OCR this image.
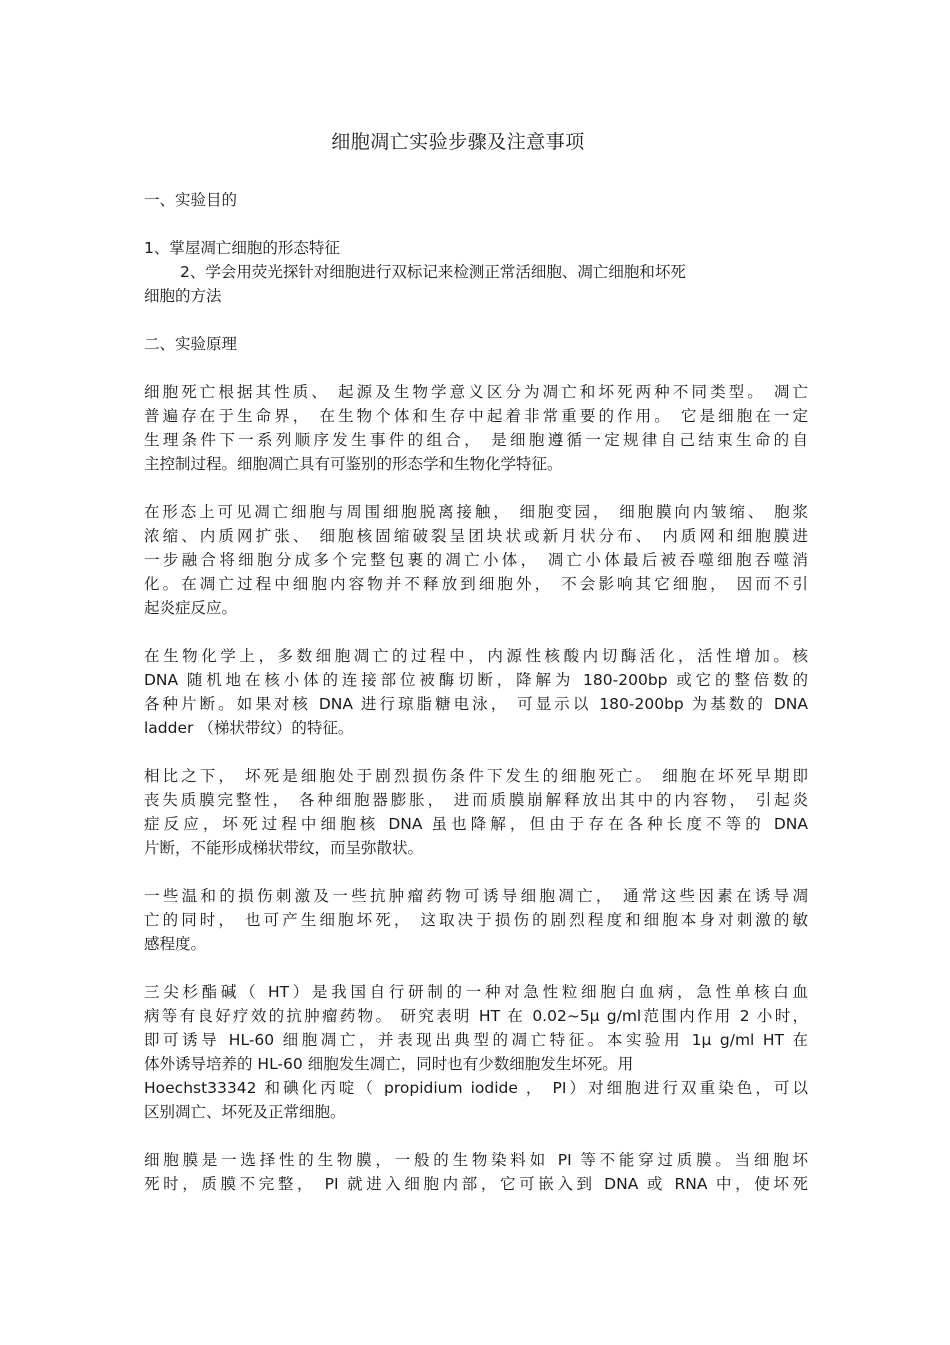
细胞凋亡实验步骤及注意事项
一、实验目的
1、掌屋凋亡细胞的形态特征
2、学会用荧光探针对细胞进行双标记来检测正常活细胞、凋亡细胞和坏死
细胞的方法
二、实验原理
细胞死亡根据其性质、 起源及生物学意义区分为凋亡和坏死两种不同类型。 凋亡
普遍存在于生命界， 在生物个体和生存中起着非常重要的作用。 它是细胞在一定
生理条件下一系列顺序发生事件的组合， 是细胞遵循一定规律自己结束生命的自
主控制过程。细胞凋亡具有可鉴别的形态学和生物化学特征。
在形态上可见凋亡细胞与周围细胞脱离接触， 细胞变园， 细胞膜向内皱缩、 胞浆
浓缩、内质网扩张、 细胞核固缩破裂呈团块状或新月状分布、 内质网和细胞膜进
一步融合将细胞分成多个完整包裹的凋亡小体， 凋亡小体最后被吞噬细胞吞噬消
化。在凋亡过程中细胞内容物并不释放到细胞外， 不会影响其它细胞， 因而不引
起炎症反应。
在生物化学上，多数细胞凋亡的过程中，内源性核酸内切酶活化，活性增加。核
DNA 随机地在核小体的连接部位被酶切断，降解为 180-200bp 或它的整倍数的
各种片断。如果对核 DNA 进行琼脂糖电泳， 可显示以 180-200bp 为基数的 DNA
ladder （梯状带纹）的特征。
相比之下， 坏死是细胞处于剧烈损伤条件下发生的细胞死亡。 细胞在坏死早期即
丧失质膜完整性， 各种细胞器膨胀， 进而质膜崩解释放出其中的内容物， 引起炎
症反应，坏死过程中细胞核 DNA 虽也降解，但由于存在各种长度不等的 DNA
片断，不能形成梯状带纹，而呈弥散状。
一些温和的损伤刺激及一些抗肿瘤药物可诱导细胞凋亡， 通常这些因素在诱导凋
亡的同时， 也可产生细胞坏死， 这取决于损伤的剧烈程度和细胞本身对刺激的敏
感程度。
三尖杉酯碱（ HT）是我国自行研制的一种对急性粒细胞白血病，急性单核白血
病等有良好疗效的抗肿瘤药物。 研究表明 HT 在 0.02~5μ g/ml范围内作用 2 小时，
即可诱导 HL-60 细胞凋亡，并表现出典型的凋亡特征。本实验用 1μ g/ml HT 在
体外诱导培养的 HL-60 细胞发生凋亡，同时也有少数细胞发生坏死。用
Hoechst33342 和碘化丙啶（ propidium iodide ， PI）对细胞进行双重染色，可以
区别凋亡、坏死及正常细胞。
细胞膜是一选择性的生物膜，一般的生物染料如 PI 等不能穿过质膜。当细胞坏
死时，质膜不完整， PI 就进入细胞内部，它可嵌入到 DNA 或 RNA 中，使坏死
